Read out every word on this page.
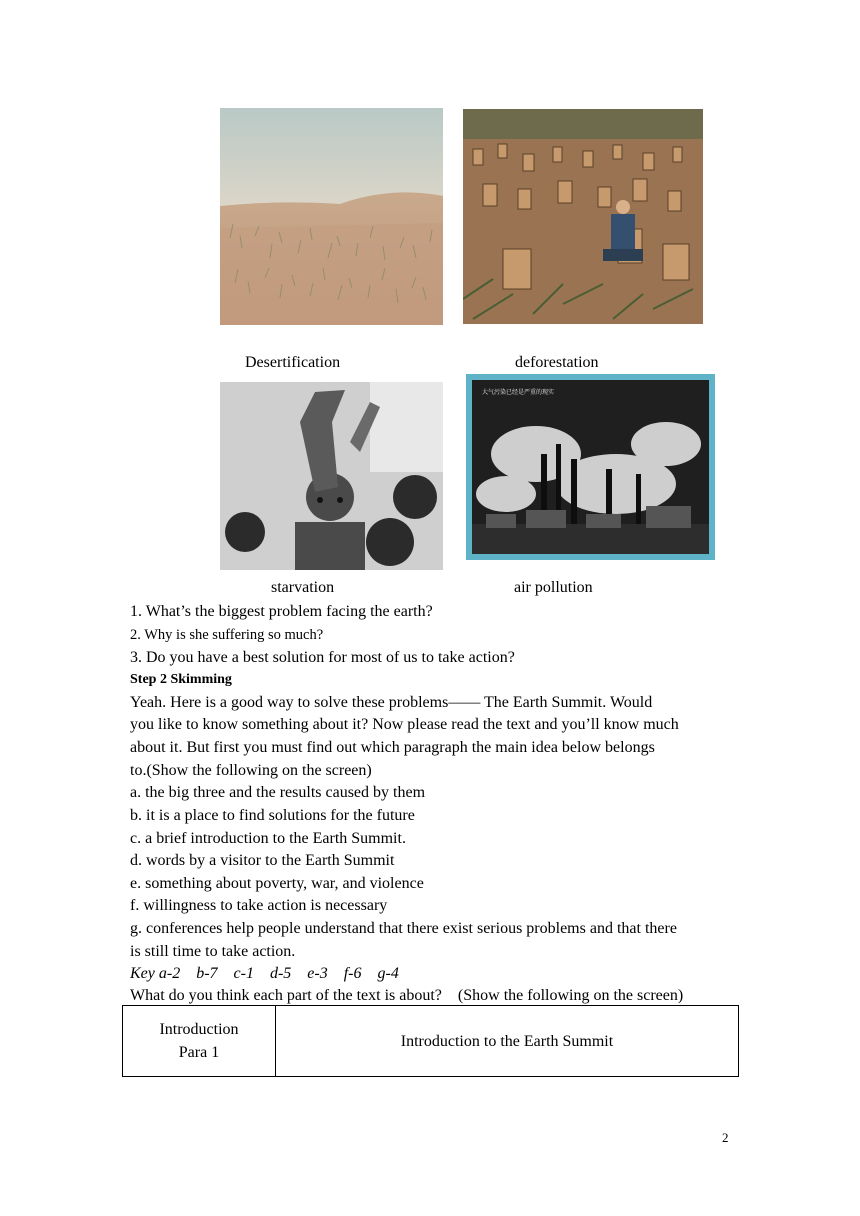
Desertification	deforestation
大气污染已经是严重的现实
starvation	air pollution
1. What’s the biggest problem facing the earth?
2. Why is she suffering so much?
3. Do you have a best solution for most of us to take action?
Step 2 Skimming
Yeah. Here is a good way to solve these problems—— The Earth Summit. Would
you like to know something about it? Now please read the text and you’ll know much
about it. But first you must find out which paragraph the main idea below belongs
to.(Show the following on the screen)
a. the big three and the results caused by them
b. it is a place to find solutions for the future
c. a brief introduction to the Earth Summit.
d. words by a visitor to the Earth Summit
e. something about poverty, war, and violence
f. willingness to take action is necessary
g. conferences help people understand that there exist serious problems and that there
is still time to take action.
Key a-2    b-7    c-1    d-5    e-3    f-6    g-4
What do you think each part of the text is about?    (Show the following on the screen)
Introduction
Para 1
	Introduction to the Earth Summit
2
